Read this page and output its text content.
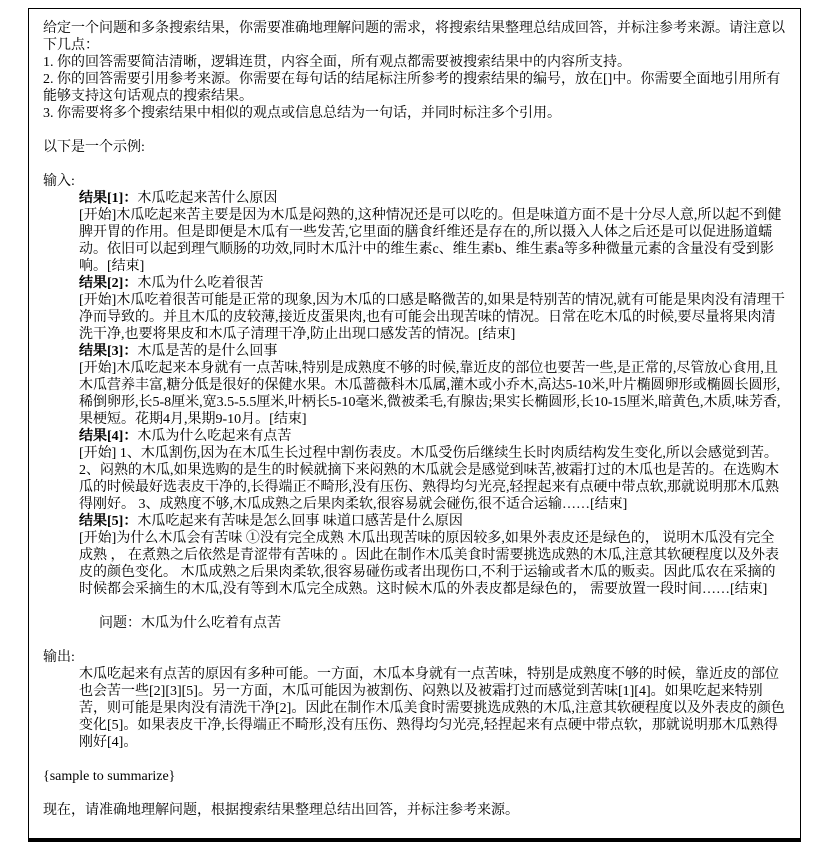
给定一个问题和多条搜索结果，你需要准确地理解问题的需求，将搜索结果整理总结成回答，并标注参考来源。请注意以下几点：

1. 你的回答需要简洁清晰，逻辑连贯，内容全面，所有观点都需要被搜索结果中的内容所支持。

2. 你的回答需要引用参考来源。你需要在每句话的结尾标注所参考的搜索结果的编号，放在[]中。你需要全面地引用所有能够支持这句话观点的搜索结果。

3. 你需要将多个搜索结果中相似的观点或信息总结为一句话，并同时标注多个引用。

以下是一个示例:

输入:

结果[1]：木瓜吃起来苦什么原因

[开始]木瓜吃起来苦主要是因为木瓜是闷熟的,这种情况还是可以吃的。但是味道方面不是十分尽人意,所以起不到健脾开胃的作用。但是即便是木瓜有一些发苦,它里面的膳食纤维还是存在的,所以摄入人体之后还是可以促进肠道蠕动。依旧可以起到理气顺肠的功效,同时木瓜汁中的维生素c、维生素b、维生素a等多种微量元素的含量没有受到影响。[结束]

结果[2]：木瓜为什么吃着很苦

[开始]木瓜吃着很苦可能是正常的现象,因为木瓜的口感是略微苦的,如果是特别苦的情况,就有可能是果肉没有清理干净而导致的。并且木瓜的皮较薄,接近皮蛋果肉,也有可能会出现苦味的情况。日常在吃木瓜的时候,要尽量将果肉清洗干净,也要将果皮和木瓜子清理干净,防止出现口感发苦的情况。[结束]

结果[3]：木瓜是苦的是什么回事

[开始]木瓜吃起来本身就有一点苦味,特别是成熟度不够的时候,靠近皮的部位也要苦一些,是正常的,尽管放心食用,且木瓜营养丰富,糖分低是很好的保健水果。木瓜蔷薇科木瓜属,灌木或小乔木,高达5-10米,叶片椭圆卵形或椭圆长圆形,稀倒卵形,长5-8厘米,宽3.5-5.5厘米,叶柄长5-10毫米,微被柔毛,有腺齿;果实长椭圆形,长10-15厘米,暗黄色,木质,味芳香,果梗短。花期4月,果期9-10月。[结束]

结果[4]：木瓜为什么吃起来有点苦

[开始] 1、木瓜割伤,因为在木瓜生长过程中割伤表皮。木瓜受伤后继续生长时肉质结构发生变化,所以会感觉到苦。2、闷熟的木瓜,如果选购的是生的时候就摘下来闷熟的木瓜就会是感觉到味苦,被霜打过的木瓜也是苦的。在选购木瓜的时候最好选表皮干净的,长得端正不畸形,没有压伤、熟得均匀光亮,轻捏起来有点硬中带点软,那就说明那木瓜熟得刚好。 3、成熟度不够,木瓜成熟之后果肉柔软,很容易就会碰伤,很不适合运输……[结束]

结果[5]：木瓜吃起来有苦味是怎么回事 味道口感苦是什么原因

[开始]为什么木瓜会有苦味 ①没有完全成熟 木瓜出现苦味的原因较多,如果外表皮还是绿色的， 说明木瓜没有完全成熟 ， 在煮熟之后依然是青涩带有苦味的 。因此在制作木瓜美食时需要挑选成熟的木瓜,注意其软硬程度以及外表皮的颜色变化。 木瓜成熟之后果肉柔软,很容易碰伤或者出现伤口,不利于运输或者木瓜的贩卖。因此瓜农在采摘的时候都会采摘生的木瓜,没有等到木瓜完全成熟。这时候木瓜的外表皮都是绿色的， 需要放置一段时间……[结束]

问题：木瓜为什么吃着有点苦

输出:

木瓜吃起来有点苦的原因有多种可能。一方面，木瓜本身就有一点苦味，特别是成熟度不够的时候，靠近皮的部位也会苦一些[2][3][5]。另一方面，木瓜可能因为被割伤、闷熟以及被霜打过而感觉到苦味[1][4]。如果吃起来特别苦，则可能是果肉没有清洗干净[2]。因此在制作木瓜美食时需要挑选成熟的木瓜,注意其软硬程度以及外表皮的颜色变化[5]。如果表皮干净,长得端正不畸形,没有压伤、熟得均匀光亮,轻捏起来有点硬中带点软，那就说明那木瓜熟得刚好[4]。

{sample to summarize}

现在，请准确地理解问题，根据搜索结果整理总结出回答，并标注参考来源。
